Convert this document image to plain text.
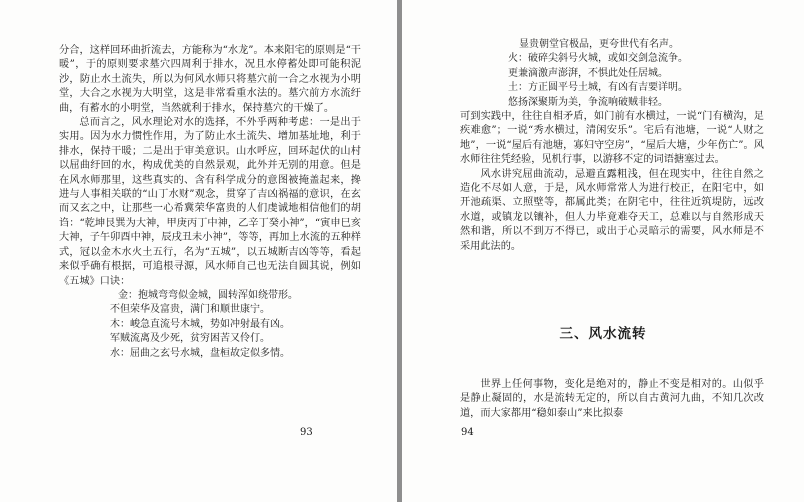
分合，这样回环曲折流去，方能称为“水龙”。本来阳宅的原则是“干暖”，于的原则要求墓穴四周利于排水，况且水停蓄处即可能积泥沙，防止水土流失，所以为何风水师只将墓穴前一合之水视为小明堂，大合之水视为大明堂，这是非常看重水法的。墓穴前方水流纡曲，有蓄水的小明堂，当然就利于排水，保持墓穴的干燥了。

总而言之，风水理论对水的选择，不外乎两种考虑：一是出于实用。因为水力惯性作用，为了防止水土流失、增加基址地，利于排水，保持干暖；二是出于审美意识。山水呼应，回环起伏的山村以屈曲纡回的水，构成优美的自然景观，此外并无别的用意。但是在风水师那里，这些真实的、含有科学成分的意图被掩盖起来，搀进与人事相关联的“山丁水财”观念，贯穿了吉凶祸福的意识，在玄而又玄之中，让那些一心希冀荣华富贵的人们虔诚地相信他们的胡诌：“乾坤艮巽为大神，甲庚丙丁中神，乙辛丁癸小神”，“寅申巳亥大神，子午卯酉中神，辰戌丑未小神”，等等，再加上水流的五种样式，冠以金木水火土五行，名为“五城”，以五城断吉凶等等，看起来似乎确有根据，可追根寻源，风水师自己也无法自圆其说，例如《五城》口诀：

金：抱城弯弯似金城，圆转浑如绕带形。
不但荣华及富贵，满门和顺世康宁。
木：峻急直流号木城，势如冲射最有凶。
军贼流离及少死，贫穷困苦又伶仃。
水：屈曲之玄号水城，盘桓故定似多情。
93
显贵朝堂官极品，更夸世代有名声。
火：破碎尖斜号火城，或如交剑急流争。
更兼滴激声澎湃，不惧此处任居城。
土：方正圆平号土城，有凶有吉要详明。
悠扬深聚斯为美，争流响破贼非轻。

可到实践中，往往自相矛盾，如门前有水横过，一说“门有横沟，足疾难愈”；一说“秀水横过，清闲安乐”。宅后有池塘，一说“人财之地”，一说“屋后有池塘，寡妇守空房”，“屋后大塘，少年伤亡”。风水师往往凭经验，见机行事，以游移不定的词语搪塞过去。

风水讲究屈曲流动，忌避直露粗浅，但在现实中，往往自然之造化不尽如人意，于是，风水师常常人为进行校正，在阳宅中，如开池疏渠、立照壁等，都属此类；在阴宅中，往往近筑堤防，远改水道，或镇龙以镶补，但人力毕竟难夺天工，总难以与自然形成天然和谐，所以不到万不得已，或出于心灵暗示的需要，风水师是不采用此法的。

三、风水流转

世界上任何事物，变化是绝对的，静止不变是相对的。山似乎是静止凝固的，水是流转无定的，所以自古黄河九曲，不知几次改道，而大家都用“稳如泰山”来比拟泰

94
